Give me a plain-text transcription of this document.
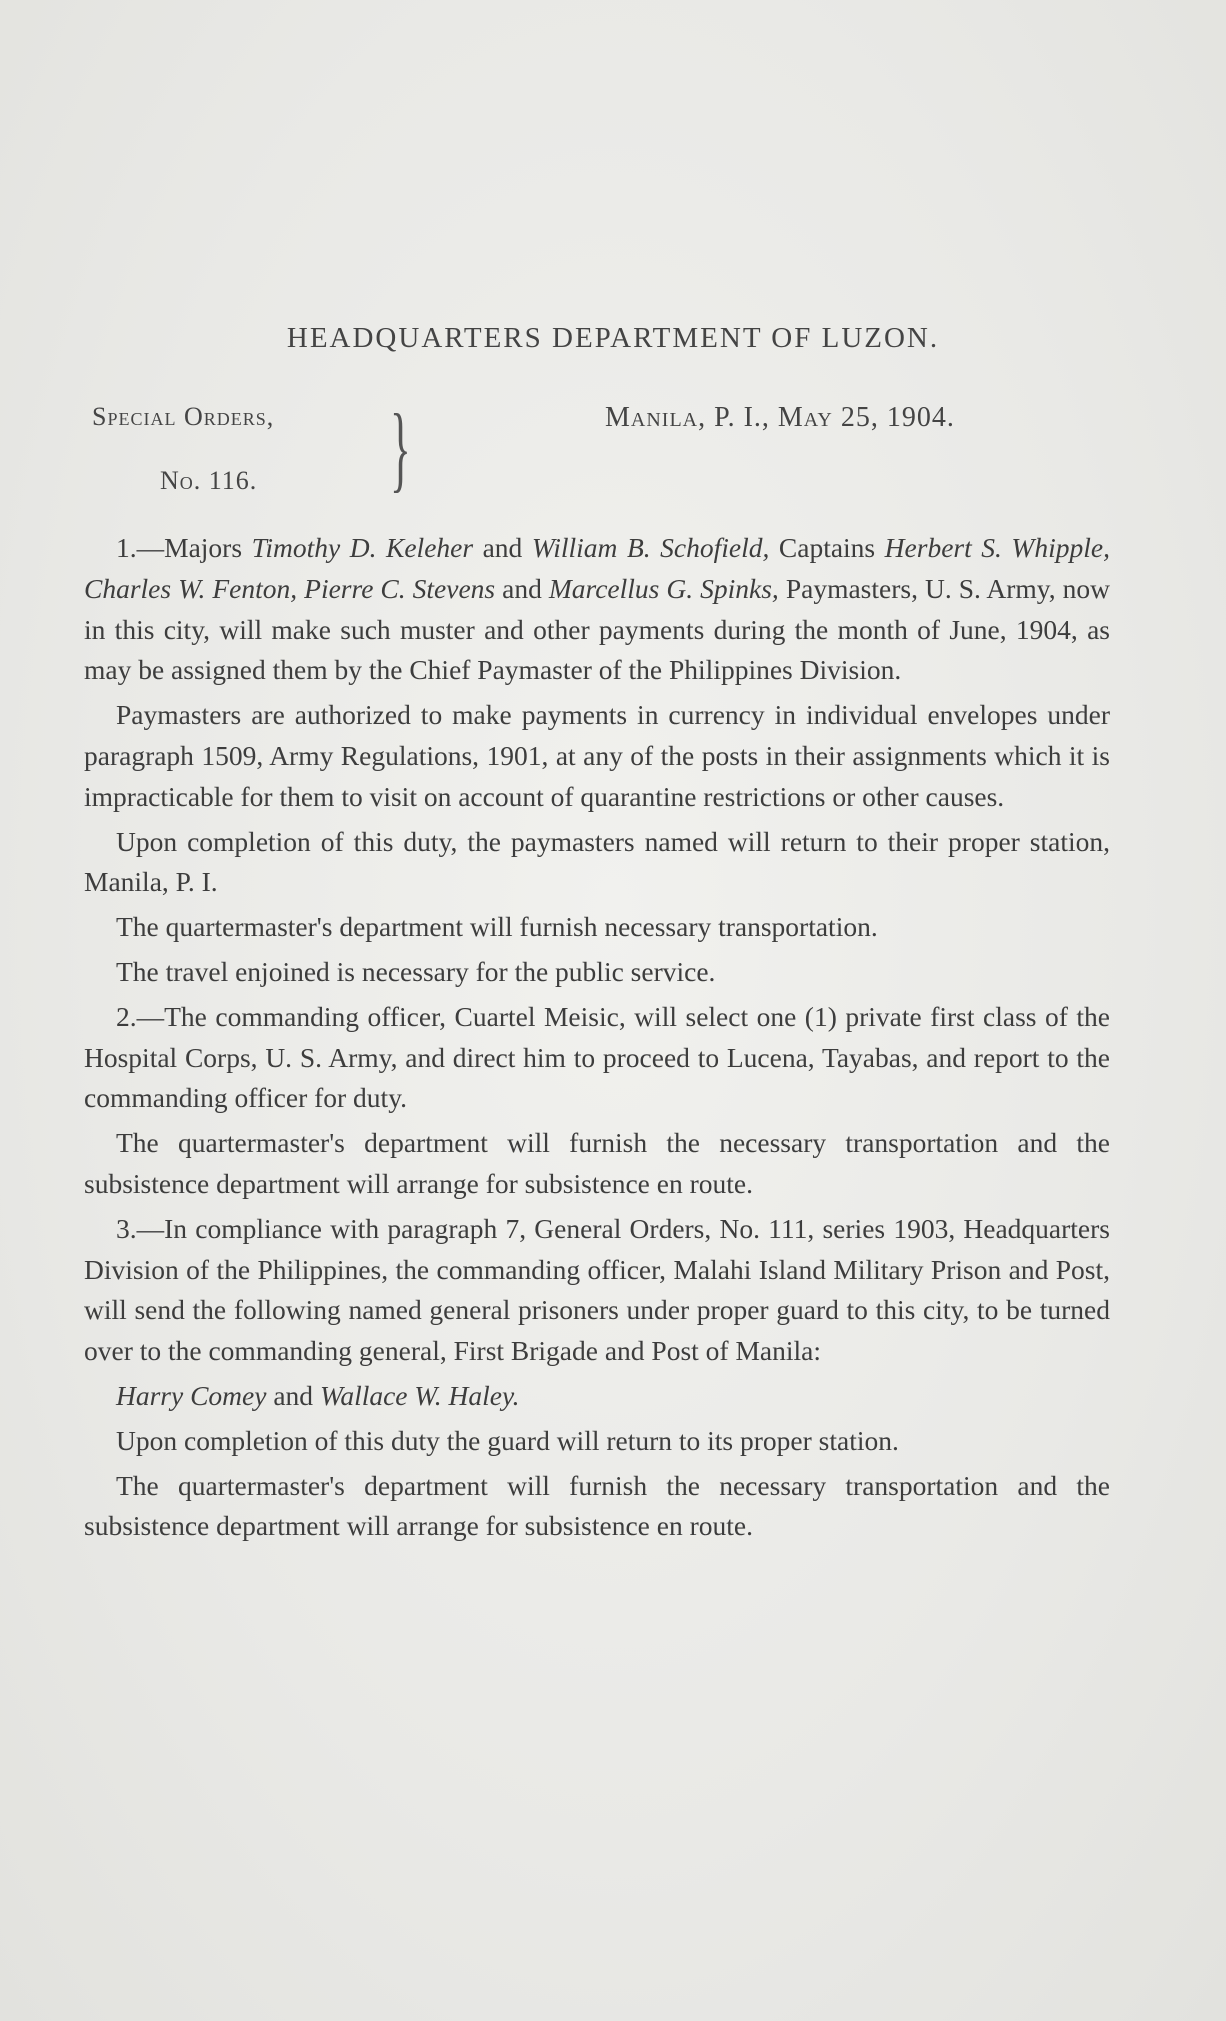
HEADQUARTERS DEPARTMENT OF LUZON.
Special Orders,
No. 116. }	Manila, P. I., May 25, 1904.

1.—Majors Timothy D. Keleher and William B. Schofield, Captains Herbert S. Whipple, Charles W. Fenton, Pierre C. Stevens and Marcellus G. Spinks, Paymasters, U. S. Army, now in this city, will make such muster and other payments during the month of June, 1904, as may be assigned them by the Chief Paymaster of the Philippines Division.

Paymasters are authorized to make payments in currency in individual envelopes under paragraph 1509, Army Regulations, 1901, at any of the posts in their assignments which it is impracticable for them to visit on account of quarantine restrictions or other causes.

Upon completion of this duty, the paymasters named will return to their proper station, Manila, P. I.

The quartermaster's department will furnish necessary transportation.

The travel enjoined is necessary for the public service.

2.—The commanding officer, Cuartel Meisic, will select one (1) private first class of the Hospital Corps, U. S. Army, and direct him to proceed to Lucena, Tayabas, and report to the commanding officer for duty.

The quartermaster's department will furnish the necessary transportation and the subsistence department will arrange for subsistence en route.

3.—In compliance with paragraph 7, General Orders, No. 111, series 1903, Headquarters Division of the Philippines, the commanding officer, Malahi Island Military Prison and Post, will send the following named general prisoners under proper guard to this city, to be turned over to the commanding general, First Brigade and Post of Manila:

Harry Comey and Wallace W. Haley.

Upon completion of this duty the guard will return to its proper station.

The quartermaster's department will furnish the necessary transportation and the subsistence department will arrange for subsistence en route.
